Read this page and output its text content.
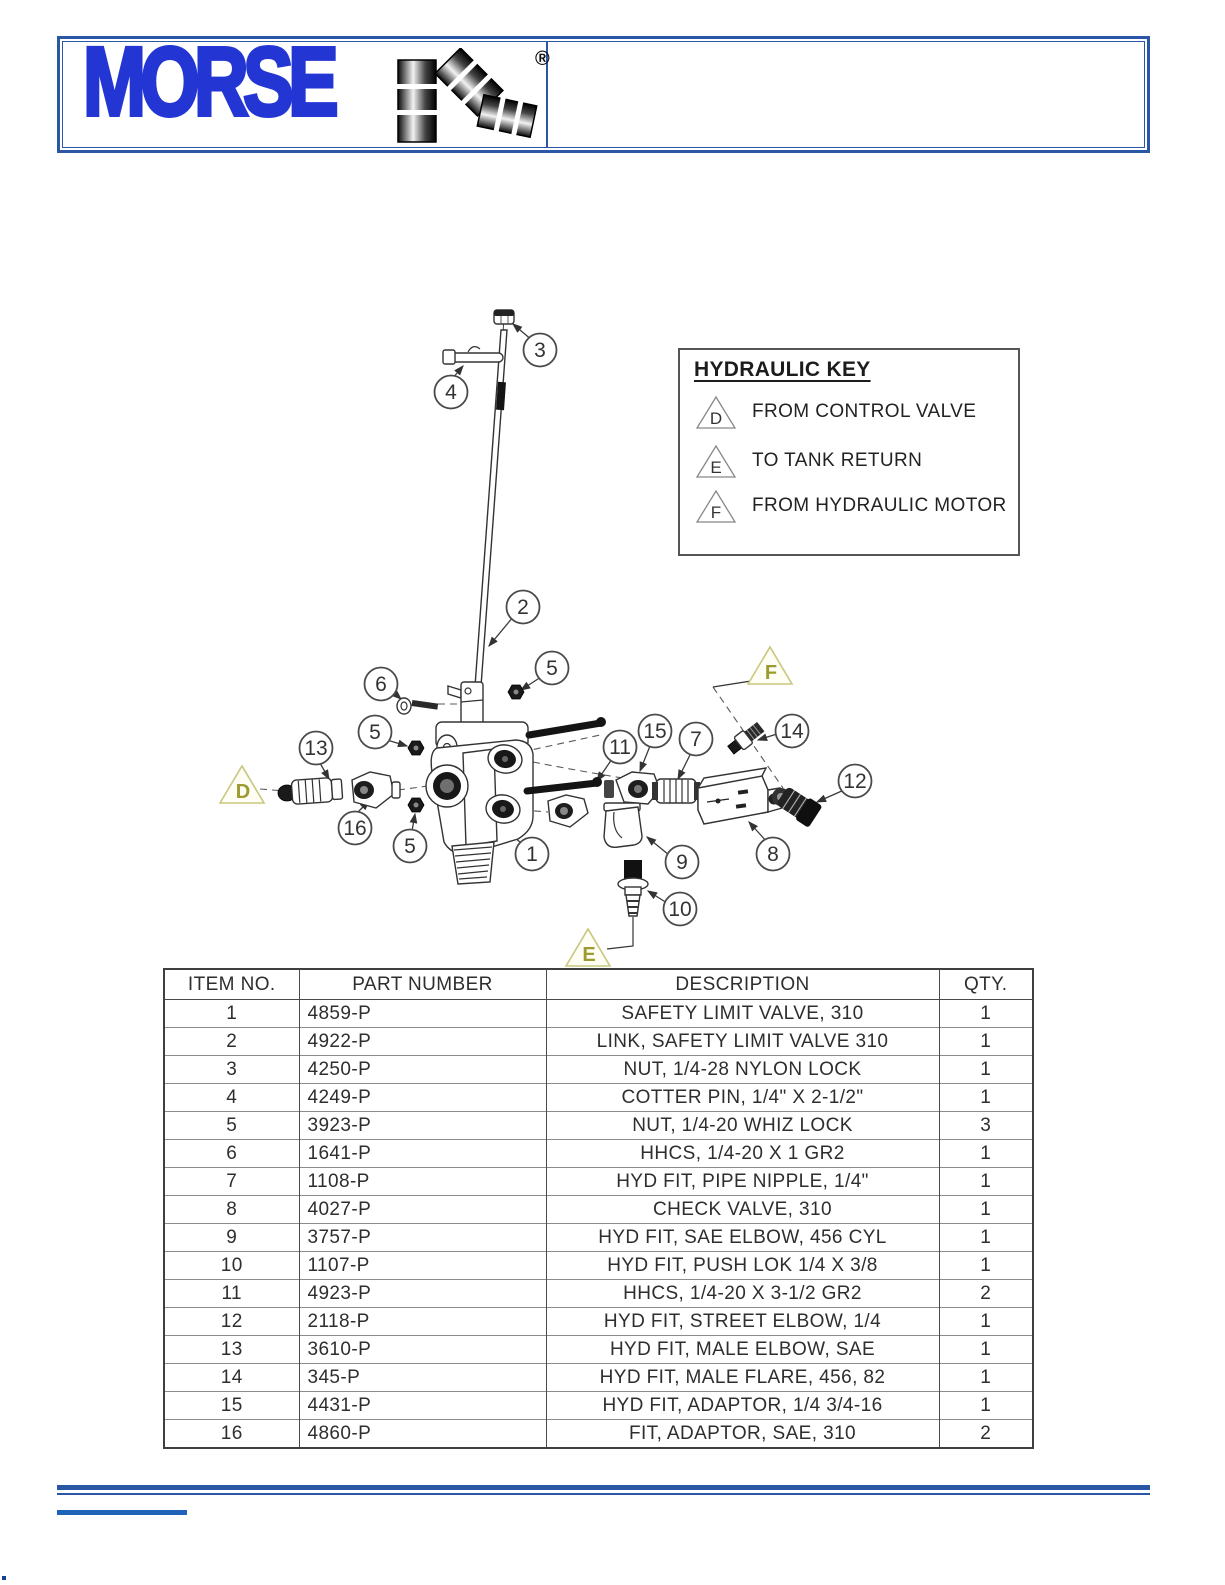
MORSE	®
D
E
F
3
4
2
6
5
5
13
16
5	1
11
15 7	14
12
8
9
10
HYDRAULIC KEY
D FROM CONTROL VALVE
E TO TANK RETURN
F FROM HYDRAULIC MOTOR
ITEM NO.	PART NUMBER	DESCRIPTION	QTY.
1	4859-P	SAFETY LIMIT VALVE, 310	1
2	4922-P	LINK, SAFETY LIMIT VALVE 310	1
3	4250-P	NUT, 1/4-28 NYLON LOCK	1
4	4249-P	COTTER PIN, 1/4" X 2-1/2"	1
5	3923-P	NUT, 1/4-20 WHIZ LOCK	3
6	1641-P	HHCS, 1/4-20 X 1 GR2	1
7	1108-P	HYD FIT, PIPE NIPPLE, 1/4"	1
8	4027-P	CHECK VALVE, 310	1
9	3757-P	HYD FIT, SAE ELBOW, 456 CYL	1
10	1107-P	HYD FIT, PUSH LOK 1/4 X 3/8	1
11	4923-P	HHCS, 1/4-20 X 3-1/2 GR2	2
12	2118-P	HYD FIT, STREET ELBOW, 1/4	1
13	3610-P	HYD FIT, MALE ELBOW, SAE	1
14	345-P	HYD FIT, MALE FLARE, 456, 82	1
15	4431-P	HYD FIT, ADAPTOR, 1/4 3/4-16	1
16	4860-P	FIT, ADAPTOR, SAE, 310	2
